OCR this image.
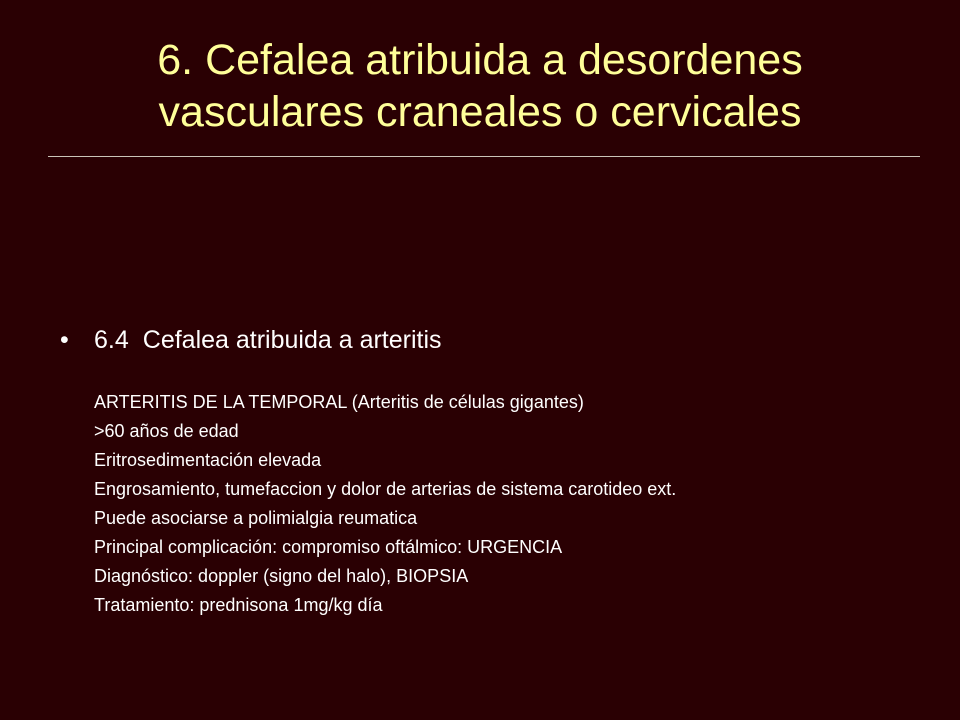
6. Cefalea atribuida a desordenes
vasculares craneales o cervicales
• 6.4 Cefalea atribuida a arteritis
ARTERITIS DE LA TEMPORAL (Arteritis de células gigantes)
>60 años de edad
Eritrosedimentación elevada
Engrosamiento, tumefaccion y dolor de arterias de sistema carotideo ext.
Puede asociarse a polimialgia reumatica
Principal complicación: compromiso oftálmico: URGENCIA
Diagnóstico: doppler (signo del halo), BIOPSIA
Tratamiento: prednisona 1mg/kg día
